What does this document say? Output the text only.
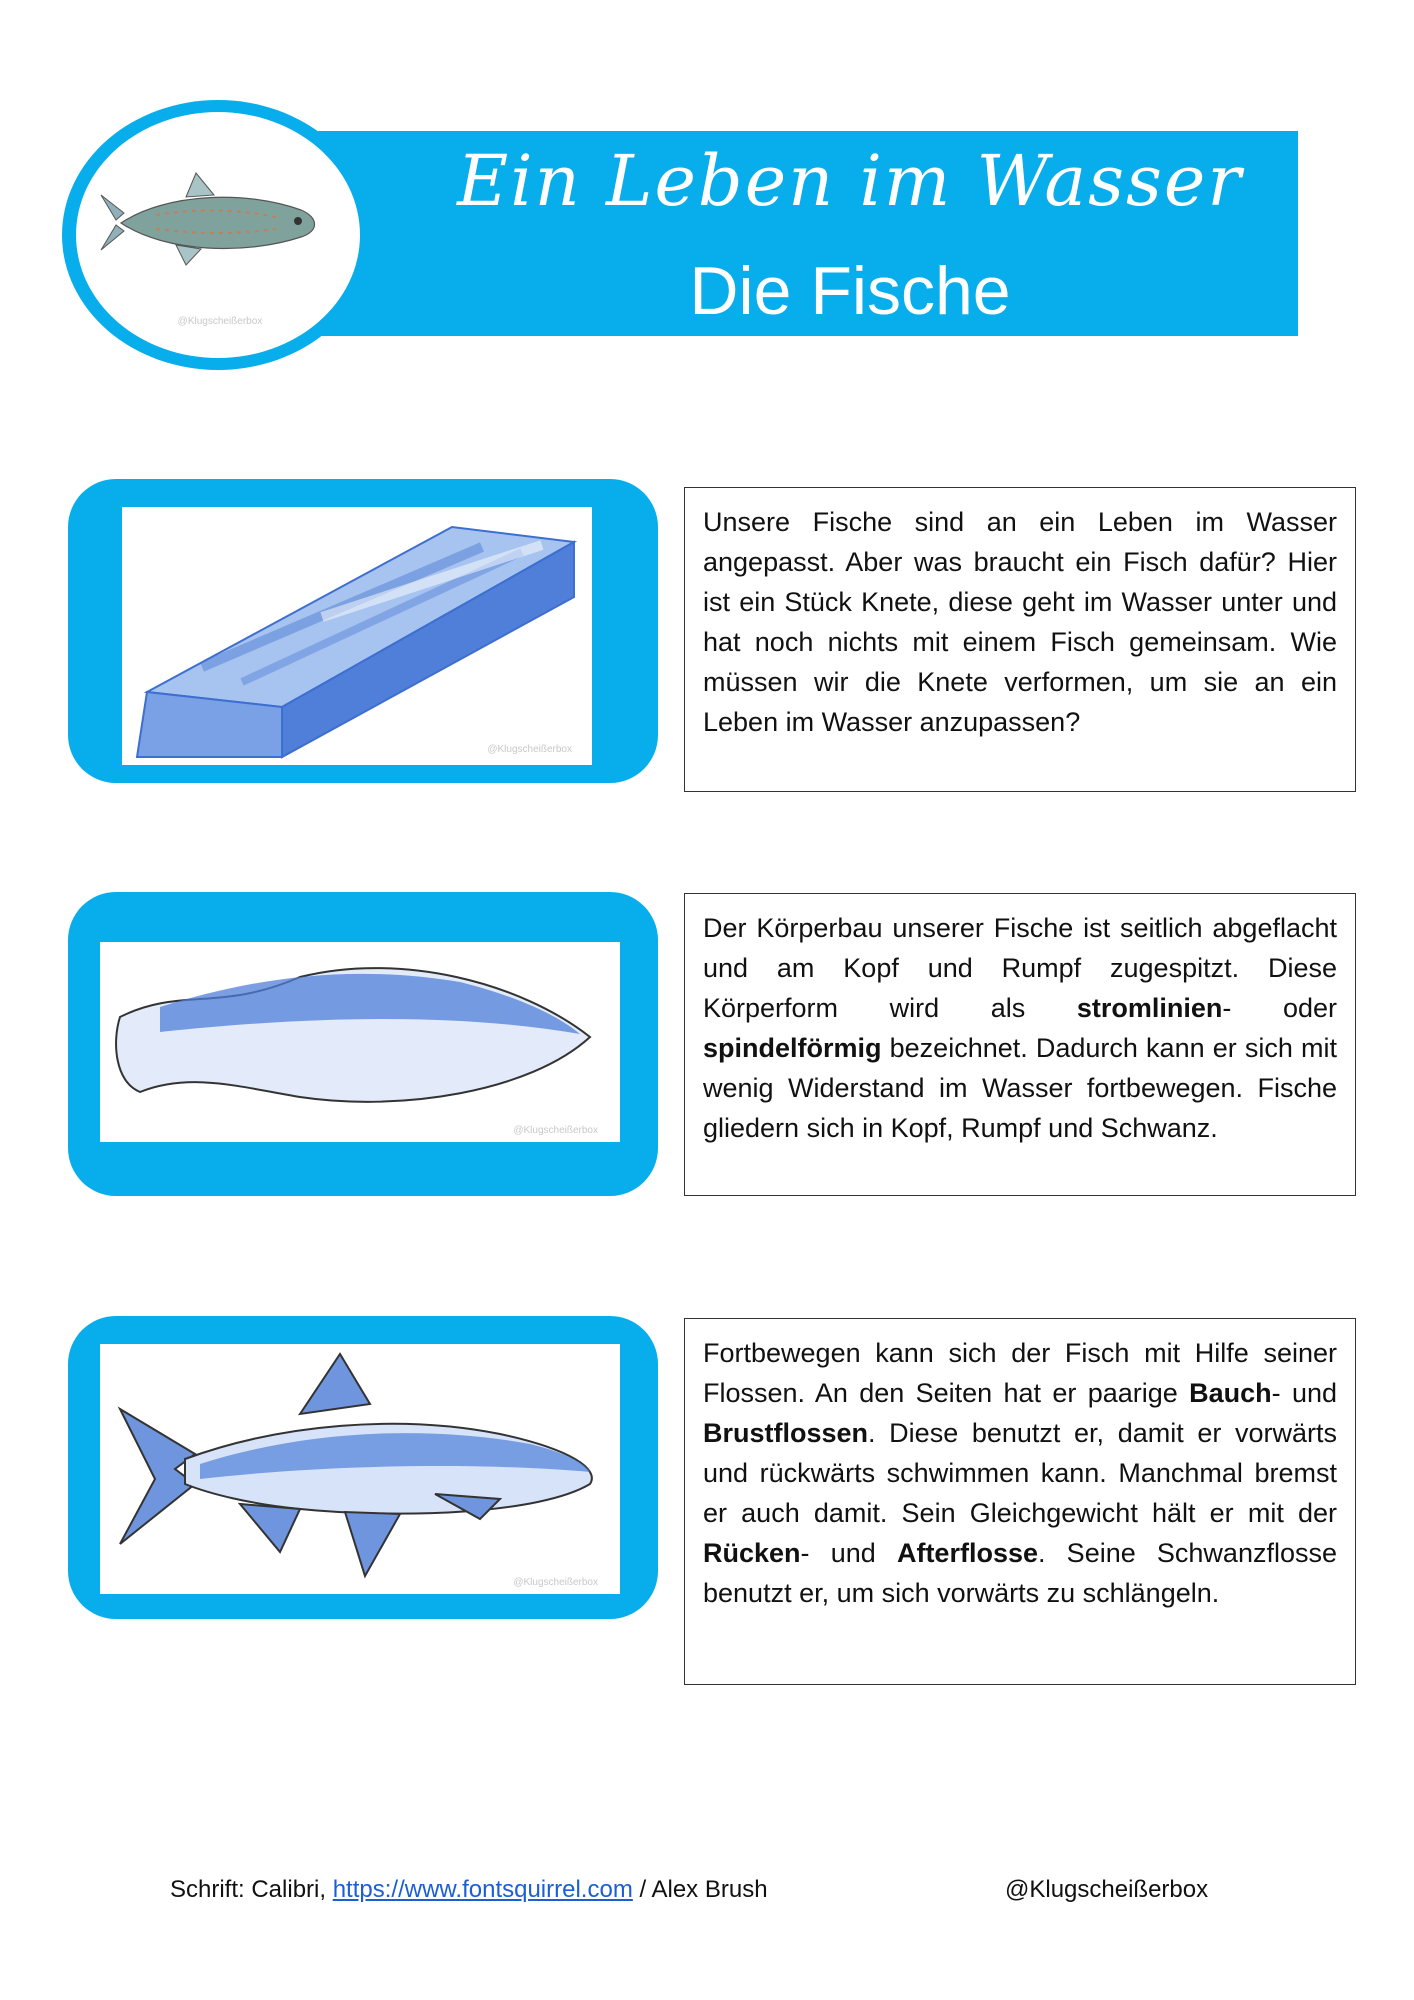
@Klugscheißerbox
Ein Leben im Wasser
Die Fische
@Klugscheißerbox
Unsere Fische sind an ein Leben im Wasser angepasst. Aber was braucht ein Fisch dafür? Hier ist ein Stück Knete, diese geht im Wasser unter und hat noch nichts mit einem Fisch gemeinsam. Wie müssen wir die Knete verformen, um sie an ein Leben im Wasser anzupassen?
@Klugscheißerbox
Der Körperbau unserer Fische ist seitlich abgeflacht und am Kopf und Rumpf zugespitzt. Diese Körperform wird als stromlinien- oder spindelförmig bezeichnet. Dadurch kann er sich mit wenig Widerstand im Wasser fortbewegen. Fische gliedern sich in Kopf, Rumpf und Schwanz.
@Klugscheißerbox
Fortbewegen kann sich der Fisch mit Hilfe seiner Flossen. An den Seiten hat er paarige Bauch- und Brustflossen. Diese benutzt er, damit er vorwärts und rückwärts schwimmen kann. Manchmal bremst er auch damit. Sein Gleichgewicht hält er mit der Rücken- und Afterflosse. Seine Schwanzflosse benutzt er, um sich vorwärts zu schlängeln.
Schrift: Calibri, https://www.fontsquirrel.com / Alex Brush	@Klugscheißerbox
